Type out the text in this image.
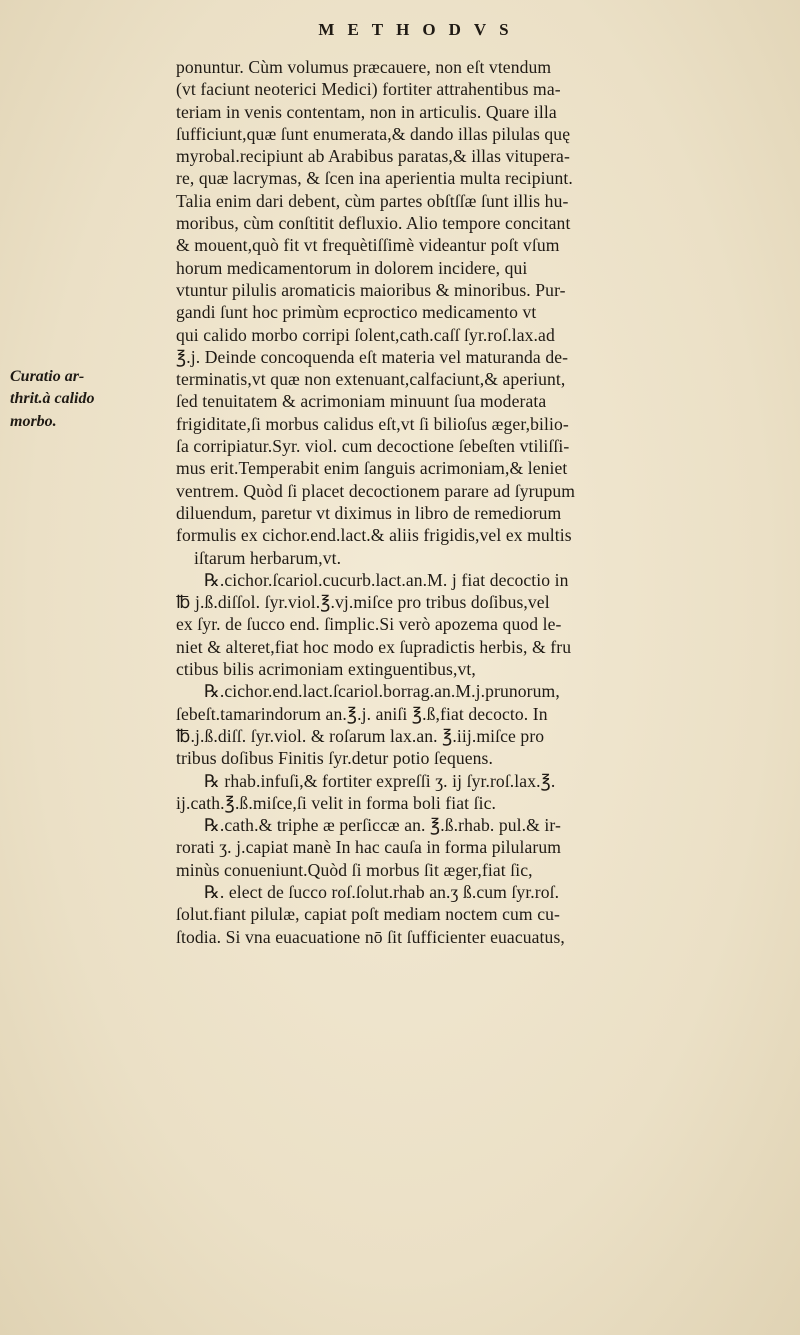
METHODVS
Curatio ar-
thrit.à calido
morbo.
ponuntur. Cùm volumus præcauere, non eſt vtendum
(vt faciunt neoterici Medici) fortiter attrahentibus ma-
teriam in venis contentam, non in articulis. Quare illa
ſufficiunt,quæ ſunt enumerata,& dando illas pilulas quę
myrobal.recipiunt ab Arabibus paratas,& illas vitupera-
re, quæ lacrymas, & ſcen ina aperientia multa recipiunt.
Talia enim dari debent, cùm partes obſtſſæ ſunt illis hu-
moribus, cùm conſtitit defluxio. Alio tempore concitant
& mouent,quò fit vt frequètiſſimè videantur poſt vſum
horum medicamentorum in dolorem incidere, qui
vtuntur pilulis aromaticis maioribus & minoribus. Pur-
gandi ſunt hoc primùm ecproctico medicamento vt
qui calido morbo corripi ſolent,cath.caſſ ſyr.roſ.lax.ad
℥.j. Deinde concoquenda eſt materia vel maturanda de-
terminatis,vt quæ non extenuant,calfaciunt,& aperiunt,
ſed tenuitatem & acrimoniam minuunt ſua moderata
frigiditate,ſi morbus calidus eſt,vt ſi bilioſus æger,bilio-
ſa corripiatur.Syr. viol. cum decoctione ſebeſten vtiliſſi-
mus erit.Temperabit enim ſanguis acrimoniam,& leniet
ventrem. Quòd ſi placet decoctionem parare ad ſyrupum
diluendum, paretur vt diximus in libro de remediorum
formulis ex cichor.end.lact.& aliis frigidis,vel ex multis
iſtarum herbarum,vt.
℞.cichor.ſcariol.cucurb.lact.an.M. j fiat decoctio in
℔ j.ß.diſſol. ſyr.viol.℥.vj.miſce pro tribus doſibus,vel
ex ſyr. de ſucco end. ſimplic.Si verò apozema quod le-
niet & alteret,fiat hoc modo ex ſupradictis herbis, & fru
ctibus bilis acrimoniam extinguentibus,vt,
℞.cichor.end.lact.ſcariol.borrag.an.M.j.prunorum,
ſebeſt.tamarindorum an.℥.j. aniſi ℥.ß,fiat decocto. In
℔.j.ß.diſſ. ſyr.viol. & roſarum lax.an. ℥.iij.miſce pro
tribus doſibus Finitis ſyr.detur potio ſequens.
℞ rhab.infuſi,& fortiter expreſſi ʒ. ij ſyr.roſ.lax.℥.
ij.cath.℥.ß.miſce,ſi velit in forma boli fiat ſic.
℞.cath.& triphe æ perſiccæ an. ℥.ß.rhab. pul.& ir-
rorati ʒ. j.capiat manè In hac cauſa in forma pilularum
minùs conueniunt.Quòd ſi morbus ſit æger,fiat ſic,
℞. elect de ſucco roſ.ſolut.rhab an.ʒ ß.cum ſyr.roſ.
ſolut.fiant pilulæ, capiat poſt mediam noctem cum cu-
ſtodia. Si vna euacuatione nō ſit ſufficienter euacuatus,
